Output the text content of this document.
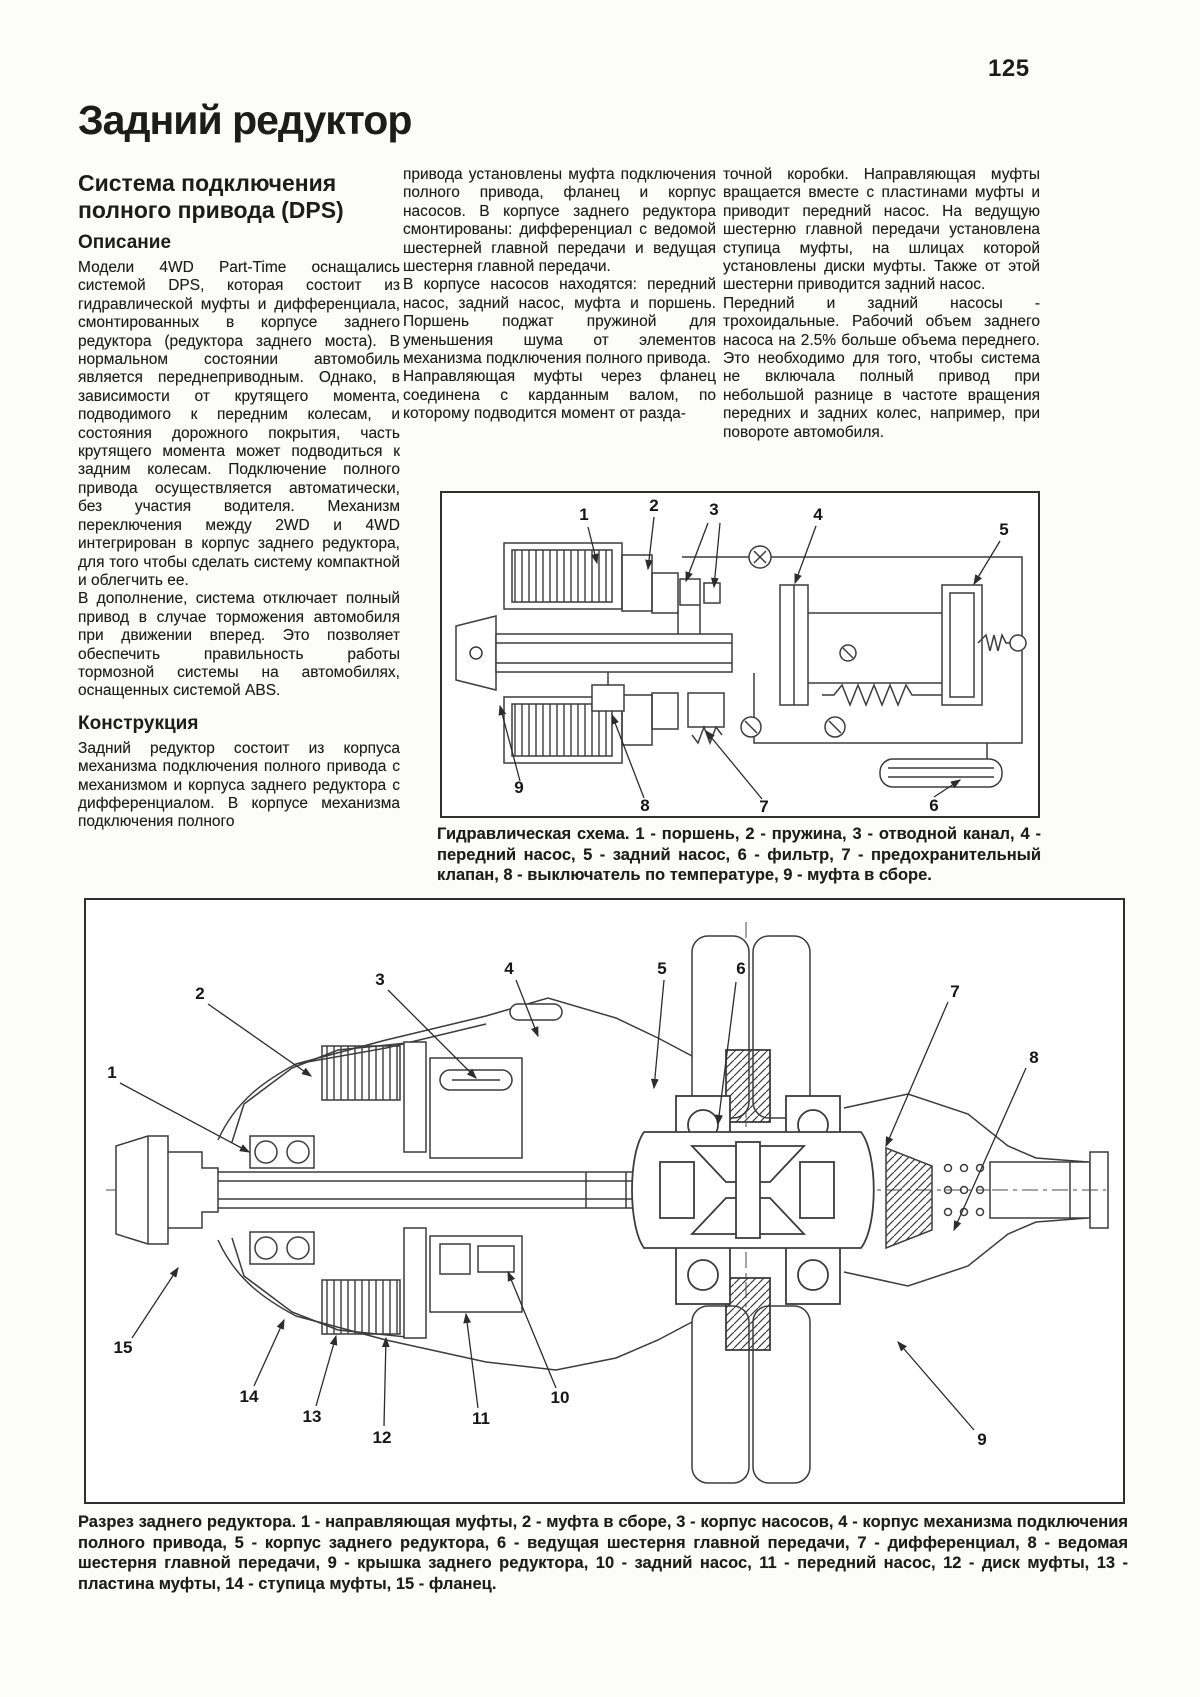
125
Задний редуктор
Система подключения полного привода (DPS)
Описание

Модели 4WD Part-Time оснащались системой DPS, которая состоит из гидравлической муфты и дифференциала, смонтированных в корпусе заднего редуктора (редуктора заднего моста). В нормальном состоянии автомобиль является переднеприводным. Однако, в зависимости от крутящего момента, подводимого к передним колесам, и состояния дорожного покрытия, часть крутящего момента может подводиться к задним колесам. Подключение полного привода осуществляется автоматически, без участия водителя. Механизм переключения между 2WD и 4WD интегрирован в корпус заднего редуктора, для того чтобы сделать систему компактной и облегчить ее.

В дополнение, система отключает полный привод в случае торможения автомобиля при движении вперед. Это позволяет обеспечить правильность работы тормозной системы на автомобилях, оснащенных системой ABS.

Конструкция

Задний редуктор состоит из корпуса механизма подключения полного привода с механизмом и корпуса заднего редуктора с дифференциалом. В корпусе механизма подключения полного

привода установлены муфта подключения полного привода, фланец и корпус насосов. В корпусе заднего редуктора смонтированы: дифференциал с ведомой шестерней главной передачи и ведущая шестерня главной передачи.

В корпусе насосов находятся: передний насос, задний насос, муфта и поршень. Поршень поджат пружиной для уменьшения шума от элементов механизма подключения полного привода.

Направляющая муфты через фланец соединена с карданным валом, по которому подводится момент от разда-

точной коробки. Направляющая муфты вращается вместе с пластинами муфты и приводит передний насос. На ведущую шестерню главной передачи установлена ступица муфты, на шлицах которой установлены диски муфты. Также от этой шестерни приводится задний насос.

Передний и задний насосы - трохоидальные. Рабочий объем заднего насоса на 2.5% больше объема переднего. Это необходимо для того, чтобы система не включала полный привод при небольшой разнице в частоте вращения передних и задних колес, например, при повороте автомобиля.

1	2	3	4
5
6
7
8
9
Гидравлическая схема. 1 - поршень, 2 - пружина, 3 - отводной канал, 4 - передний насос, 5 - задний насос, 6 - фильтр, 7 - предохранительный клапан, 8 - выключатель по температуре, 9 - муфта в сборе.
1
2
3
4	5	6
7
8
9
10
11
12
13
14
15
Разрез заднего редуктора. 1 - направляющая муфты, 2 - муфта в сборе, 3 - корпус насосов, 4 - корпус механизма подключения полного привода, 5 - корпус заднего редуктора, 6 - ведущая шестерня главной передачи, 7 - дифференциал, 8 - ведомая шестерня главной передачи, 9 - крышка заднего редуктора, 10 - задний насос, 11 - передний насос, 12 - диск муфты, 13 - пластина муфты, 14 - ступица муфты, 15 - фланец.
